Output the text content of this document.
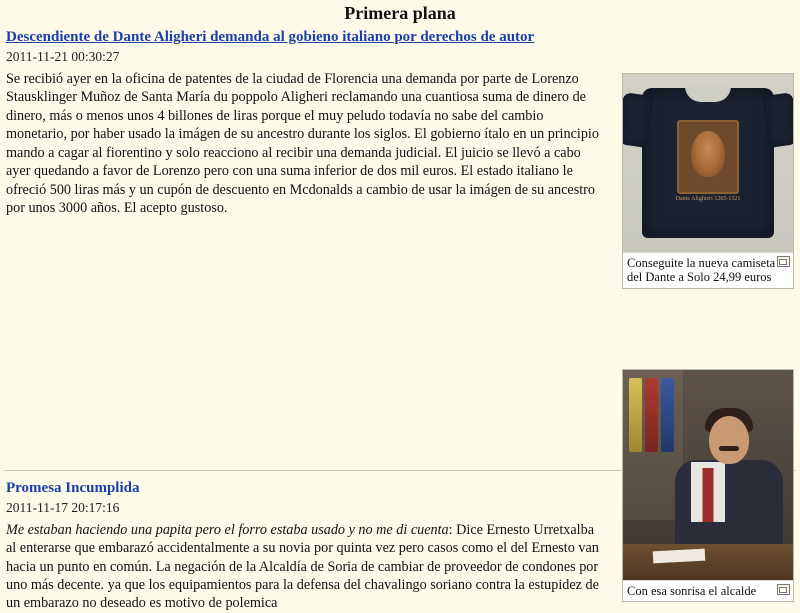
Primera plana
Descendiente de Dante Aligheri demanda al gobieno italiano por derechos de autor
2011-11-21 00:30:27

Se recibió ayer en la oficina de patentes de la ciudad de Florencia una demanda por parte de Lorenzo Stausklinger Muñoz de Santa María du poppolo Aligheri reclamando una cuantiosa suma de dinero de dinero, más o menos unos 4 billones de liras porque el muy peludo todavía no sabe del cambio monetario, por haber usado la imágen de su ancestro durante los siglos. El gobierno ítalo en un principio mando a cagar al fiorentino y solo reacciono al recibir una demanda judicial. El juicio se llevó a cabo ayer quedando a favor de Lorenzo pero con una suma inferior de dos mil euros. El estado italiano le ofreció 500 liras más y un cupón de descuento en Mcdonalds a cambio de usar la imágen de su ancestro por unos 3000 años. El acepto gustoso.

Dante Alighieri 1265-1321
Conseguite la nueva camiseta del Dante a Solo 24,99 euros
Promesa Incumplida
2011-11-17 20:17:16

Me estaban haciendo una papita pero el forro estaba usado y no me di cuenta: Dice Ernesto Urretxalba al enterarse que embarazó accidentalmente a su novia por quinta vez pero casos como el del Ernesto van hacia un punto en común. La negación de la Alcaldía de Soria de cambiar de proveedor de condones por uno más decente. ya que los equipamientos para la defensa del chavalingo soriano contra la estupidez de un embarazo no deseado es motivo de polemica

Con esa sonrisa el alcalde
